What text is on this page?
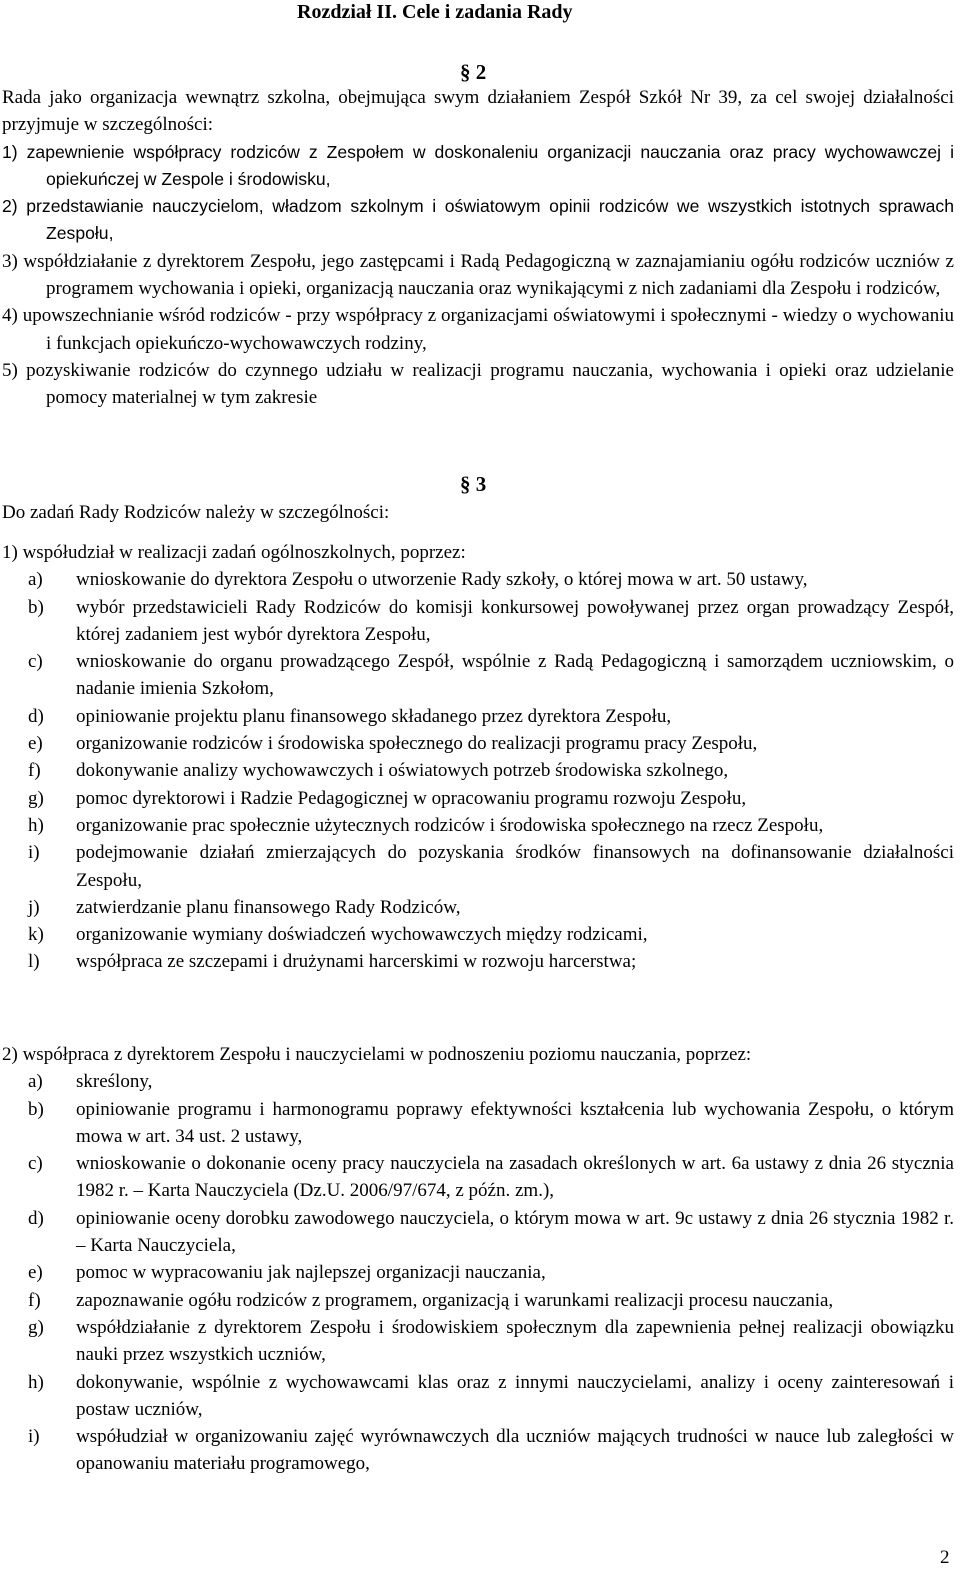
Rozdział II. Cele i zadania Rady
§ 2

Rada jako organizacja wewnątrz szkolna, obejmująca swym działaniem Zespół Szkół Nr 39, za cel swojej działalności przyjmuje w szczególności:

1) zapewnienie współpracy rodziców z Zespołem w doskonaleniu organizacji nauczania oraz pracy wychowawczej i opiekuńczej w Zespole i środowisku,

2) przedstawianie nauczycielom, władzom szkolnym i oświatowym opinii rodziców we wszystkich istotnych sprawach Zespołu,

3) współdziałanie z dyrektorem Zespołu, jego zastępcami i Radą Pedagogiczną w zaznajamianiu ogółu rodziców uczniów z programem wychowania i opieki, organizacją nauczania oraz wynikającymi z nich zadaniami dla Zespołu i rodziców,

4) upowszechnianie wśród rodziców - przy współpracy z organizacjami oświatowymi i społecznymi - wiedzy o wychowaniu i funkcjach opiekuńczo-wychowawczych rodziny,

5) pozyskiwanie rodziców do czynnego udziału w realizacji programu nauczania, wychowania i opieki oraz udzielanie pomocy materialnej w tym zakresie

§ 3
Do zadań Rady Rodziców należy w szczególności:

1) współudział w realizacji zadań ogólnoszkolnych, poprzez:

a) wnioskowanie do dyrektora Zespołu o utworzenie Rady szkoły, o której mowa w art. 50 ustawy,
b) wybór przedstawicieli Rady Rodziców do komisji konkursowej powoływanej przez organ prowadzący Zespół, której zadaniem jest wybór dyrektora Zespołu,
c) wnioskowanie do organu prowadzącego Zespół, wspólnie z Radą Pedagogiczną i samorządem uczniowskim, o nadanie imienia Szkołom,
d) opiniowanie projektu planu finansowego składanego przez dyrektora Zespołu,
e) organizowanie rodziców i środowiska społecznego do realizacji programu pracy Zespołu,
f) dokonywanie analizy wychowawczych i oświatowych potrzeb środowiska szkolnego,
g) pomoc dyrektorowi i Radzie Pedagogicznej w opracowaniu programu rozwoju Zespołu,
h) organizowanie prac społecznie użytecznych rodziców i środowiska społecznego na rzecz Zespołu,
i) podejmowanie działań zmierzających do pozyskania środków finansowych na dofinansowanie działalności Zespołu,
j) zatwierdzanie planu finansowego Rady Rodziców,
k) organizowanie wymiany doświadczeń wychowawczych między rodzicami,
l) współpraca ze szczepami i drużynami harcerskimi w rozwoju harcerstwa;

2) współpraca z dyrektorem Zespołu i nauczycielami w podnoszeniu poziomu nauczania, poprzez:

a) skreślony,
b) opiniowanie programu i harmonogramu poprawy efektywności kształcenia lub wychowania Zespołu, o którym mowa w art. 34 ust. 2 ustawy,
c) wnioskowanie o dokonanie oceny pracy nauczyciela na zasadach określonych w art. 6a ustawy z dnia 26 stycznia 1982 r. – Karta Nauczyciela (Dz.U. 2006/97/674, z późn. zm.),
d) opiniowanie oceny dorobku zawodowego nauczyciela, o którym mowa w art. 9c ustawy z dnia 26 stycznia 1982 r. – Karta Nauczyciela,
e) pomoc w wypracowaniu jak najlepszej organizacji nauczania,
f) zapoznawanie ogółu rodziców z programem, organizacją i warunkami realizacji procesu nauczania,
g) współdziałanie z dyrektorem Zespołu i środowiskiem społecznym dla zapewnienia pełnej realizacji obowiązku nauki przez wszystkich uczniów,
h) dokonywanie, wspólnie z wychowawcami klas oraz z innymi nauczycielami, analizy i oceny zainteresowań i postaw uczniów,
i) współudział w organizowaniu zajęć wyrównawczych dla uczniów mających trudności w nauce lub zaległości w opanowaniu materiału programowego,
2
